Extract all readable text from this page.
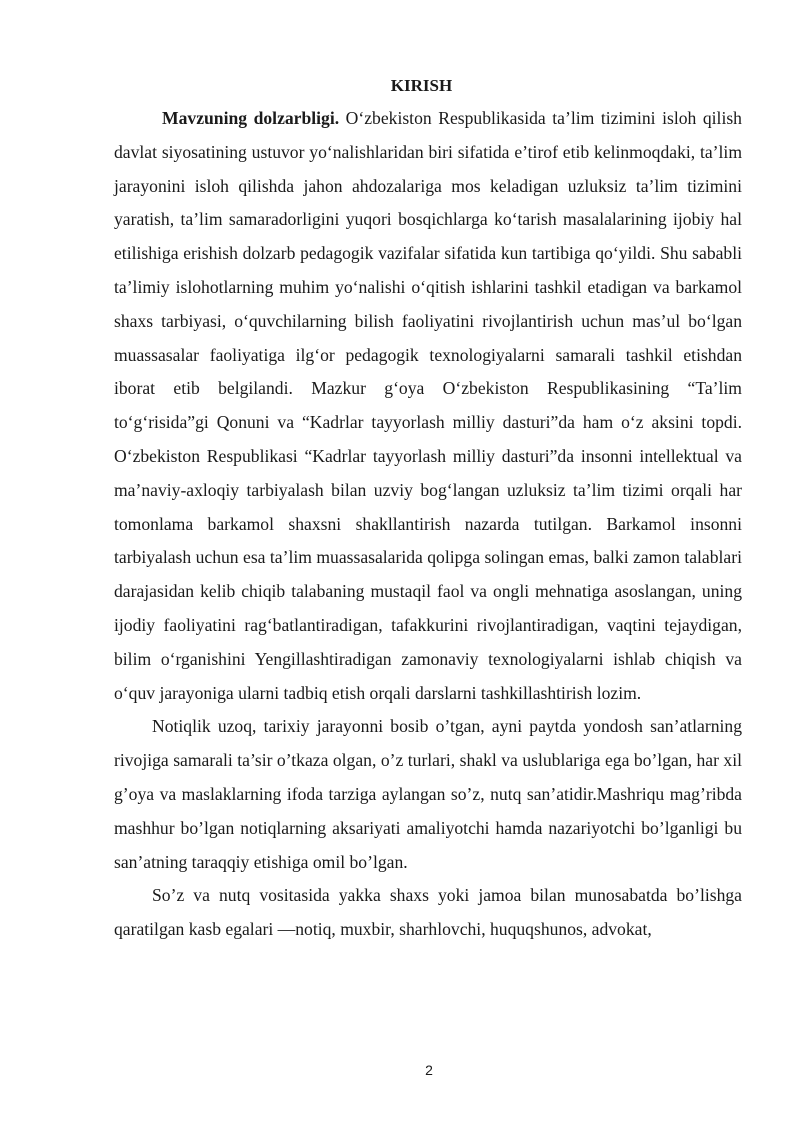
KIRISH

Mavzuning dolzarbligi. O‘zbekiston Respublikasida ta’lim tizimini isloh qilish davlat siyosatining ustuvor yo‘nalishlaridan biri sifatida e’tirof etib kelinmoqdaki, ta’lim jarayonini isloh qilishda jahon ahdozalariga mos keladigan uzluksiz ta’lim tizimini yaratish, ta’lim samaradorligini yuqori bosqichlarga ko‘tarish masalalarining ijobiy hal etilishiga erishish dolzarb pedagogik vazifalar sifatida kun tartibiga qo‘yildi. Shu sababli ta’limiy islohotlarning muhim yo‘nalishi o‘qitish ishlarini tashkil etadigan va barkamol shaxs tarbiyasi, o‘quvchilarning bilish faoliyatini rivojlantirish uchun mas’ul bo‘lgan muassasalar faoliyatiga ilg‘or pedagogik texnologiyalarni samarali tashkil etishdan iborat etib belgilandi. Mazkur g‘oya O‘zbekiston Respublikasining “Ta’lim to‘g‘risida”gi Qonuni va “Kadrlar tayyorlash milliy dasturi”da ham o‘z aksini topdi. O‘zbekiston Respublikasi “Kadrlar tayyorlash milliy dasturi”da insonni intellektual va ma’naviy-axloqiy tarbiyalash bilan uzviy bog‘langan uzluksiz ta’lim tizimi orqali har tomonlama barkamol shaxsni shakllantirish nazarda tutilgan. Barkamol insonni tarbiyalash uchun esa ta’lim muassasalarida qolipga solingan emas, balki zamon talablari darajasidan kelib chiqib talabaning mustaqil faol va ongli mehnatiga asoslangan, uning ijodiy faoliyatini rag‘batlantiradigan, tafakkurini rivojlantiradigan, vaqtini tejaydigan, bilim o‘rganishini Yengillashtiradigan zamonaviy texnologiyalarni ishlab chiqish va o‘quv jarayoniga ularni tadbiq etish orqali darslarni tashkillashtirish lozim.

Notiqlik uzoq, tarixiy jarayonni bosib o’tgan, ayni paytda yondosh san’atlarning rivojiga samarali ta’sir o’tkaza olgan, o’z turlari, shakl va uslublariga ega bo’lgan, har xil g’oya va maslaklarning ifoda tarziga aylangan so’z, nutq san’atidir.Mashriqu mag’ribda mashhur bo’lgan notiqlarning aksariyati amaliyotchi hamda nazariyotchi bo’lganligi bu san’atning taraqqiy etishiga omil bo’lgan.

So’z va nutq vositasida yakka shaxs yoki jamoa bilan munosabatda bo’lishga qaratilgan kasb egalari —notiq, muxbir, sharhlovchi, huquqshunos, advokat,

2
